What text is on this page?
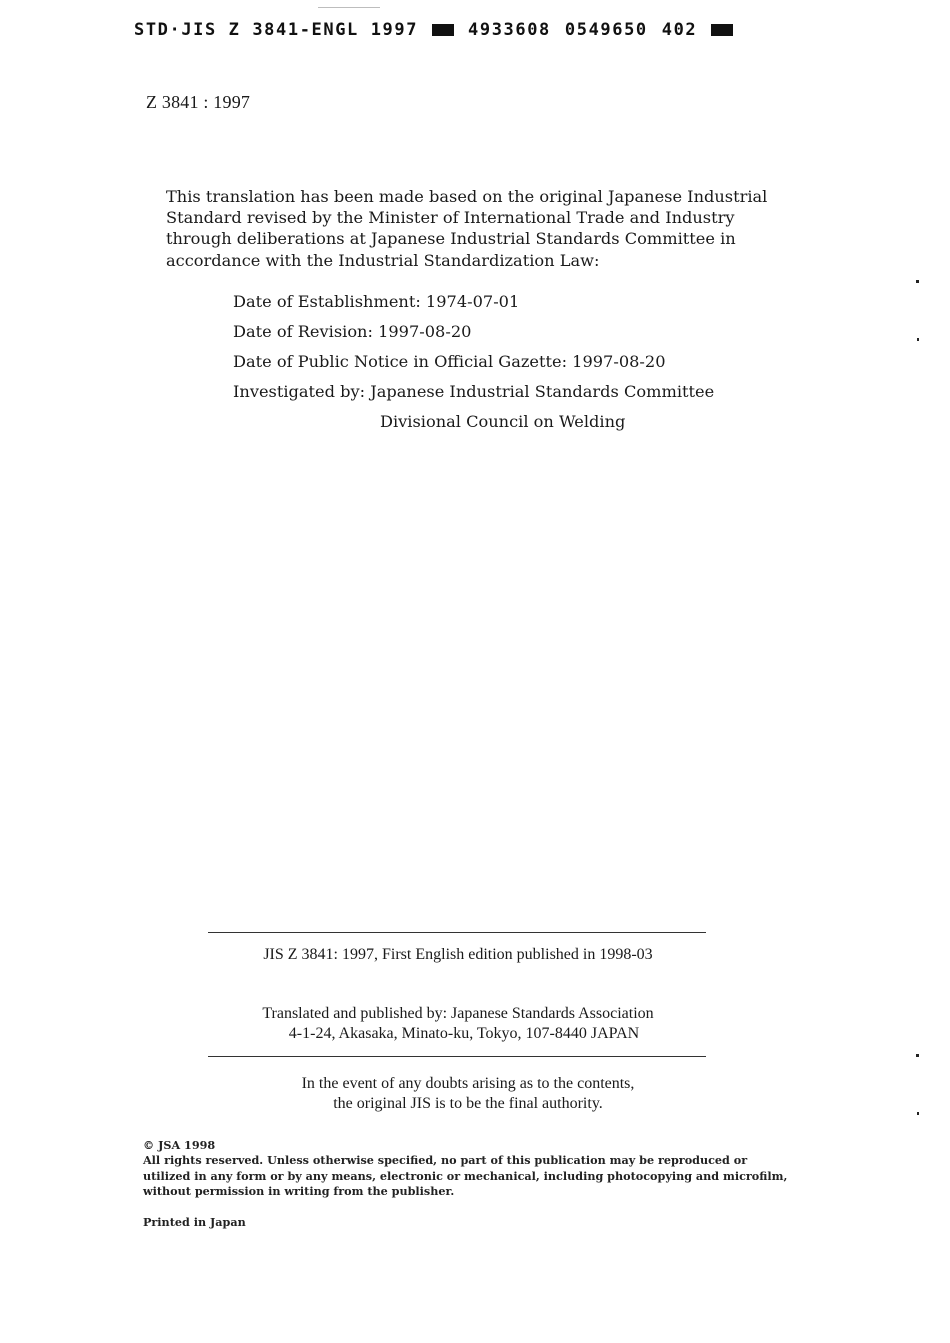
STD·JIS Z 3841-ENGL 1997	4933608 0549650 402
Z 3841 : 1997
This translation has been made based on the original Japanese Industrial
Standard revised by the Minister of International Trade and Industry
through deliberations at Japanese Industrial Standards Committee in
accordance with the Industrial Standardization Law:
Date of Establishment: 1974-07-01
Date of Revision: 1997-08-20
Date of Public Notice in Official Gazette: 1997-08-20
Investigated by: Japanese Industrial Standards Committee
Divisional Council on Welding
JIS Z 3841: 1997, First English edition published in 1998-03
Translated and published by: Japanese Standards Association
4-1-24, Akasaka, Minato-ku, Tokyo, 107-8440 JAPAN
In the event of any doubts arising as to the contents,
the original JIS is to be the final authority.
© JSA 1998
All rights reserved. Unless otherwise specified, no part of this publication may be reproduced or
utilized in any form or by any means, electronic or mechanical, including photocopying and microfilm,
without permission in writing from the publisher.
Printed in Japan
